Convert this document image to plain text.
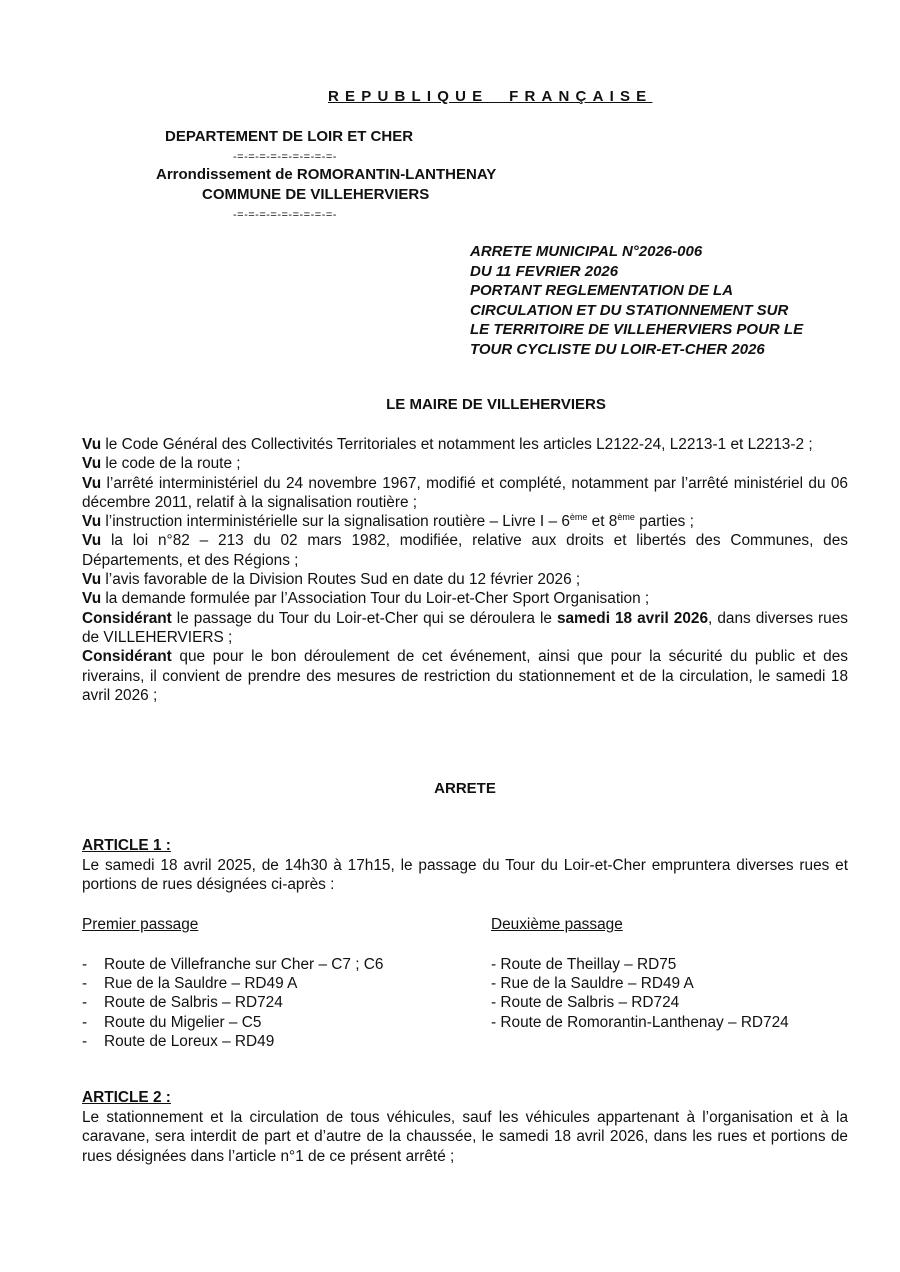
REPUBLIQUE  FRANÇAISE
DEPARTEMENT DE LOIR ET CHER
-=-=-=-=-=-=-=-=-=-
Arrondissement de ROMORANTIN-LANTHENAY
COMMUNE DE VILLEHERVIERS
-=-=-=-=-=-=-=-=-=-
ARRETE MUNICIPAL N°2026-006
DU 11 FEVRIER 2026
PORTANT REGLEMENTATION DE LA
CIRCULATION ET DU STATIONNEMENT SUR
LE TERRITOIRE DE VILLEHERVIERS POUR LE
TOUR CYCLISTE DU LOIR-ET-CHER 2026
LE MAIRE DE VILLEHERVIERS

Vu le Code Général des Collectivités Territoriales et notamment les articles L2122-24, L2213-1 et L2213-2 ;

Vu le code de la route ;

Vu l’arrêté interministériel du 24 novembre 1967, modifié et complété, notamment par l’arrêté ministériel du 06 décembre 2011, relatif à la signalisation routière ;

Vu l’instruction interministérielle sur la signalisation routière – Livre I – 6ème et 8ème parties ;

Vu la loi n°82 – 213 du 02 mars 1982, modifiée, relative aux droits et libertés des Communes, des Départements, et des Régions ;

Vu l’avis favorable de la Division Routes Sud en date du 12 février 2026 ;

Vu la demande formulée par l’Association Tour du Loir-et-Cher Sport Organisation ;

Considérant le passage du Tour du Loir-et-Cher qui se déroulera le samedi 18 avril 2026, dans diverses rues de VILLEHERVIERS ;

Considérant que pour le bon déroulement de cet événement, ainsi que pour la sécurité du public et des riverains, il convient de prendre des mesures de restriction du stationnement et de la circulation, le samedi 18 avril 2026 ;

ARRETE
ARTICLE 1 :
Le samedi 18 avril 2025, de 14h30 à 17h15, le passage du Tour du Loir-et-Cher empruntera diverses rues et portions de rues désignées ci-après :
Premier passage	Deuxième passage
- Route de Villefranche sur Cher – C7 ; C6
- Rue de la Sauldre – RD49 A
- Route de Salbris – RD724
- Route du Migelier – C5
- Route de Loreux – RD49
- Route de Theillay – RD75
- Rue de la Sauldre – RD49 A
- Route de Salbris – RD724
- Route de Romorantin-Lanthenay – RD724
ARTICLE 2 :
Le stationnement et la circulation de tous véhicules, sauf les véhicules appartenant à l’organisation et à la caravane, sera interdit de part et d’autre de la chaussée, le samedi 18 avril 2026, dans les rues et portions de rues désignées dans l’article n°1 de ce présent arrêté ;
